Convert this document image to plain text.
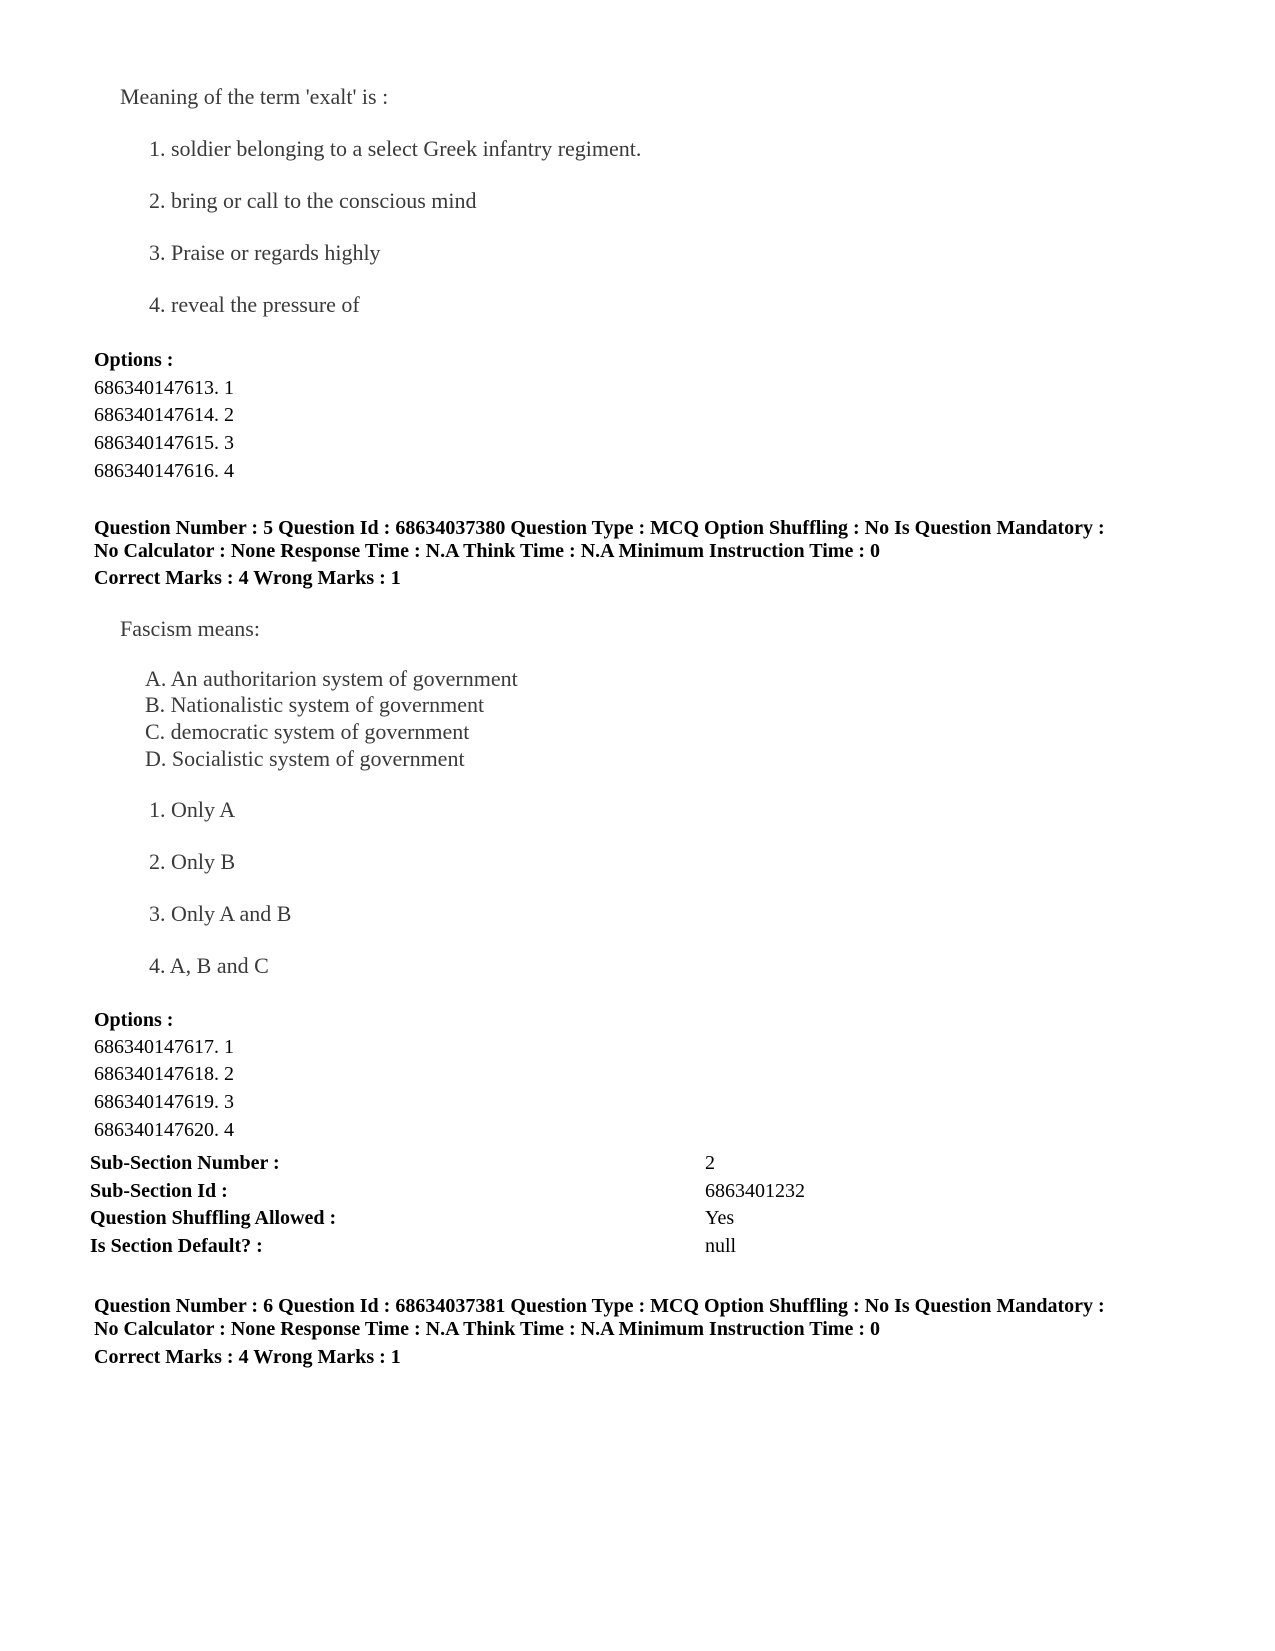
Meaning of the term 'exalt' is :
1. soldier belonging to a select Greek infantry regiment.
2. bring or call to the conscious mind
3. Praise or regards highly
4. reveal the pressure of
Options :
686340147613. 1
686340147614. 2
686340147615. 3
686340147616. 4
Question Number : 5 Question Id : 68634037380 Question Type : MCQ Option Shuffling : No Is Question Mandatory :
No Calculator : None Response Time : N.A Think Time : N.A Minimum Instruction Time : 0
Correct Marks : 4 Wrong Marks : 1
Fascism means:
A. An authoritarion system of government
B. Nationalistic system of government
C. democratic system of government
D. Socialistic system of government
1. Only A
2. Only B
3. Only A and B
4. A, B and C
Options :
686340147617. 1
686340147618. 2
686340147619. 3
686340147620. 4
Sub-Section Number :	2
Sub-Section Id :	6863401232
Question Shuffling Allowed :	Yes
Is Section Default? :	null
Question Number : 6 Question Id : 68634037381 Question Type : MCQ Option Shuffling : No Is Question Mandatory :
No Calculator : None Response Time : N.A Think Time : N.A Minimum Instruction Time : 0
Correct Marks : 4 Wrong Marks : 1
